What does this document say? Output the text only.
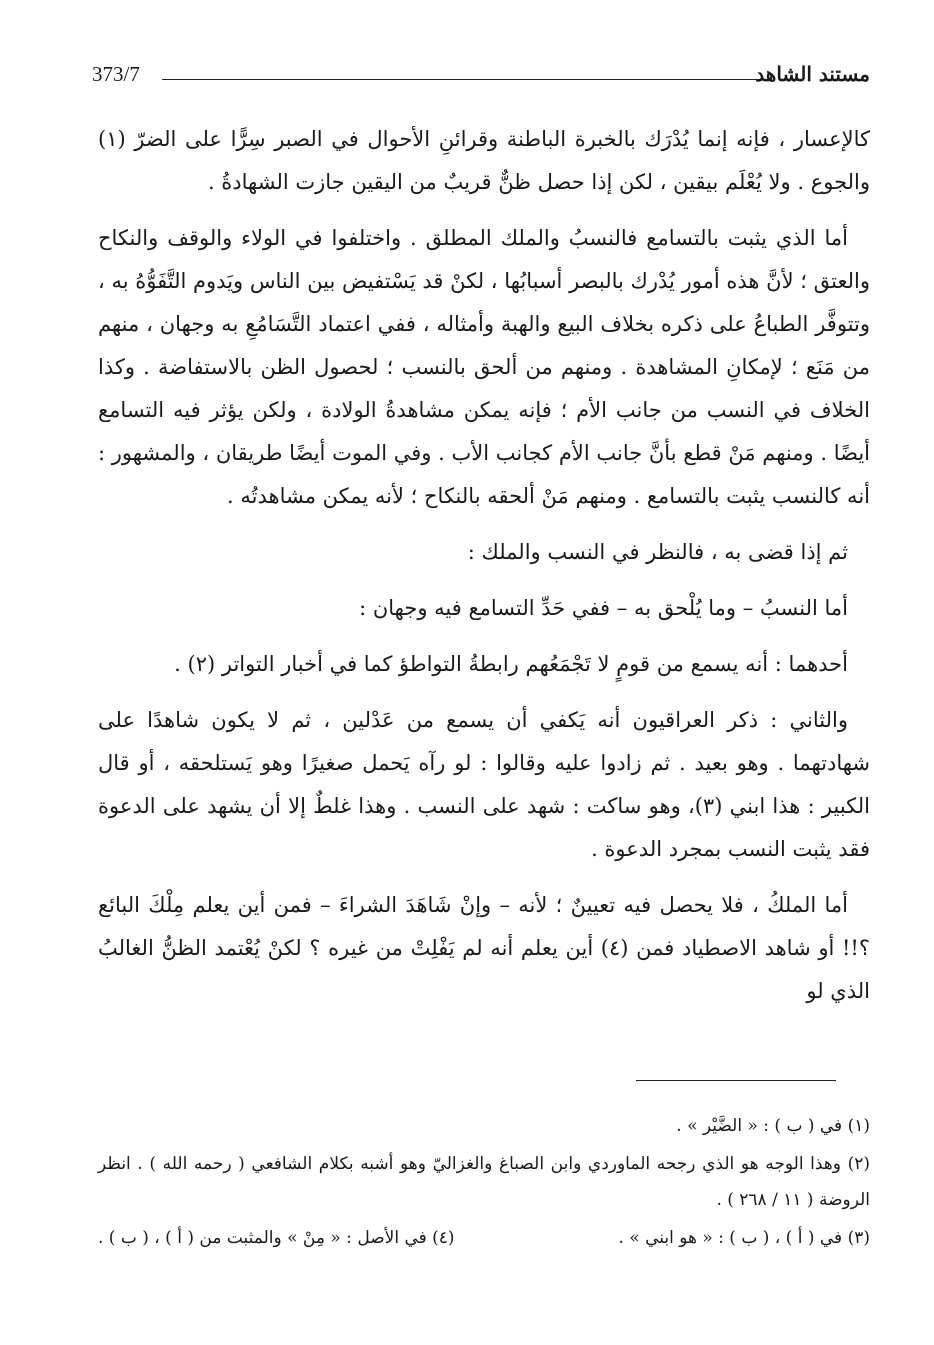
373/7	مستند الشاهد

كالإعسار ، فإنه إنما يُدْرَك بالخبرة الباطنة وقرائنِ الأحوال في الصبر سِرًّا على الضرّ (١) والجوع . ولا يُعْلَم بيقين ، لكن إذا حصل ظنٌّ قريبٌ من اليقين جازت الشهادةُ .

أما الذي يثبت بالتسامع فالنسبُ والملك المطلق . واختلفوا في الولاء والوقف والنكاح والعتق ؛ لأنَّ هذه أمور يُدْرك بالبصر أسبابُها ، لكنْ قد يَسْتفيض بين الناس ويَدوم التَّفَوُّهُ به ، وتتوفَّر الطباعُ على ذكره بخلاف البيع والهبة وأمثاله ، ففي اعتماد التَّسَامُعِ به وجهان ، منهم من مَنَع ؛ لإمكانِ المشاهدة . ومنهم من ألحق بالنسب ؛ لحصول الظن بالاستفاضة . وكذا الخلاف في النسب من جانب الأم ؛ فإنه يمكن مشاهدةُ الولادة ، ولكن يؤثر فيه التسامع أيضًا . ومنهم مَنْ قطع بأنَّ جانب الأم كجانب الأب . وفي الموت أيضًا طريقان ، والمشهور : أنه كالنسب يثبت بالتسامع . ومنهم مَنْ ألحقه بالنكاح ؛ لأنه يمكن مشاهدتُه .

ثم إذا قضى به ، فالنظر في النسب والملك :

أما النسبُ – وما يُلْحق به – ففي حَدِّ التسامع فيه وجهان :

أحدهما : أنه يسمع من قومٍ لا تَجْمَعُهم رابطةُ التواطؤ كما في أخبار التواتر (٢) .

والثاني : ذكر العراقيون أنه يَكفي أن يسمع من عَدْلين ، ثم لا يكون شاهدًا على شهادتهما . وهو بعيد . ثم زادوا عليه وقالوا : لو رآه يَحمل صغيرًا وهو يَستلحقه ، أو قال الكبير : هذا ابني (٣)، وهو ساكت : شهد على النسب . وهذا غلطٌ إلا أن يشهد على الدعوة فقد يثبت النسب بمجرد الدعوة .

أما الملكُ ، فلا يحصل فيه تعيينٌ ؛ لأنه – وإنْ شَاهَدَ الشراءَ – فمن أين يعلم مِلْكَ البائع ؟!! أو شاهد الاصطياد فمن (٤) أين يعلم أنه لم يَفْلِتْ من غيره ؟ لكنْ يُعْتمد الظنُّ الغالبُ الذي لو

(١) في ( ب ) : « الضَّيْر » .
(٢) وهذا الوجه هو الذي رجحه الماوردي وابن الصباغ والغزاليّ وهو أشبه بكلام الشافعي ( رحمه الله ) . انظر الروضة ( ١١ / ٢٦٨ ) .
(٣) في ( أ ) ، ( ب ) : « هو ابني » .
(٤) في الأصل : « مِنْ » والمثبت من ( أ ) ، ( ب ) .
